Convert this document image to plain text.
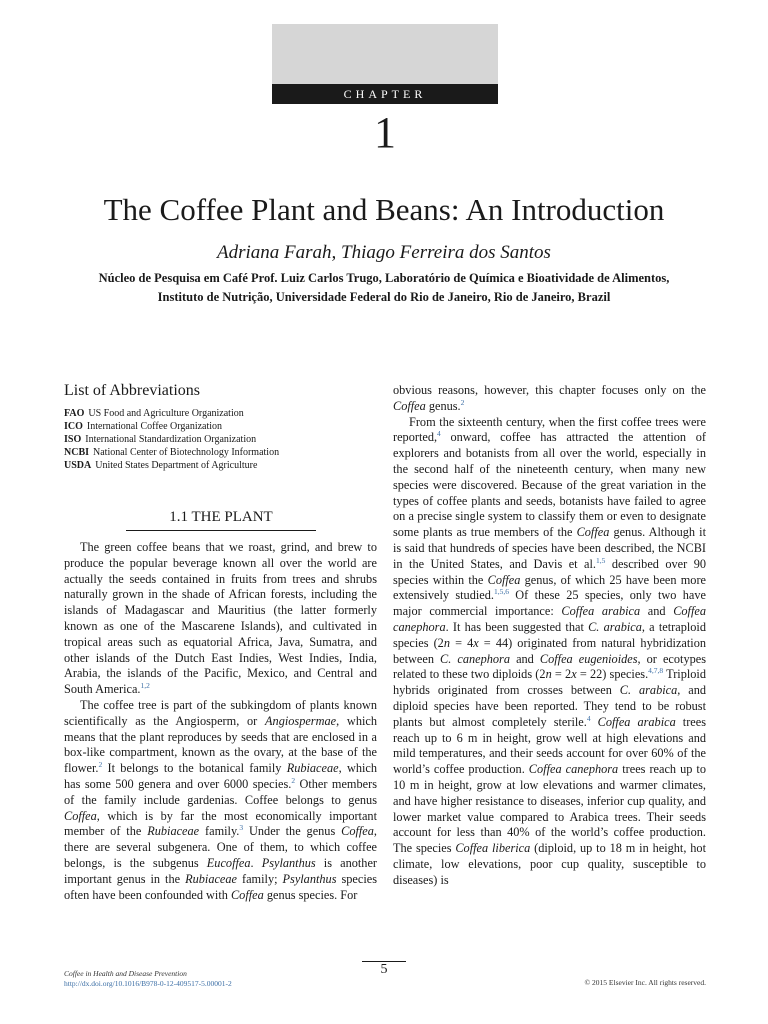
CHAPTER
1
The Coffee Plant and Beans: An Introduction
Adriana Farah, Thiago Ferreira dos Santos
Núcleo de Pesquisa em Café Prof. Luiz Carlos Trugo, Laboratório de Química e Bioatividade de Alimentos,
Instituto de Nutrição, Universidade Federal do Rio de Janeiro, Rio de Janeiro, Brazil
List of Abbreviations
FAO US Food and Agriculture Organization
ICO International Coffee Organization
ISO International Standardization Organization
NCBI National Center of Biotechnology Information
USDA United States Department of Agriculture
1.1 THE PLANT

The green coffee beans that we roast, grind, and brew to produce the popular beverage known all over the world are actually the seeds contained in fruits from trees and shrubs naturally grown in the shade of African forests, including the islands of Madagascar and Mauritius (the latter formerly known as one of the Mascarene Islands), and cultivated in tropical areas such as equatorial Africa, Java, Sumatra, and other islands of the Dutch East Indies, West Indies, India, Arabia, the islands of the Pacific, Mexico, and Central and South America.$^{1,2}$

The coffee tree is part of the subkingdom of plants known scientifically as the Angiosperm, or Angiospermae, which means that the plant reproduces by seeds that are enclosed in a box-like compartment, known as the ovary, at the base of the flower.$^2$ It belongs to the botanical family Rubiaceae, which has some 500 genera and over 6000 species.$^2$ Other members of the family include gardenias. Coffee belongs to genus Coffea, which is by far the most economically important member of the Rubiaceae family.$^3$ Under the genus Coffea, there are several subgenera. One of them, to which coffee belongs, is the subgenus Eucoffea. Psylanthus is another important genus in the Rubiaceae family; Psylanthus species often have been confounded with Coffea genus species. For

obvious reasons, however, this chapter focuses only on the Coffea genus.$^2$

From the sixteenth century, when the first coffee trees were reported,$^4$ onward, coffee has attracted the attention of explorers and botanists from all over the world, especially in the second half of the nineteenth century, when many new species were discovered. Because of the great variation in the types of coffee plants and seeds, botanists have failed to agree on a precise single system to classify them or even to designate some plants as true members of the Coffea genus. Although it is said that hundreds of species have been described, the NCBI in the United States, and Davis et al.$^{1,5}$ described over 90 species within the Coffea genus, of which 25 have been more extensively studied.$^{1,5,6}$ Of these 25 species, only two have major commercial importance: Coffea arabica and Coffea canephora. It has been suggested that C. arabica, a tetraploid species (2n = 4x = 44) originated from natural hybridization between C. canephora and Coffea eugenioides, or ecotypes related to these two diploids (2n = 2x = 22) species.$^{4,7,8}$ Triploid hybrids originated from crosses between C. arabica, and diploid species have been reported. They tend to be robust plants but almost completely sterile.$^4$ Coffea arabica trees reach up to 6 m in height, grow well at high elevations and mild temperatures, and their seeds account for over 60% of the world’s coffee production. Coffea canephora trees reach up to 10 m in height, grow at low elevations and warmer climates, and have higher resistance to diseases, inferior cup quality, and lower market value compared to Arabica trees. Their seeds account for less than 40% of the world’s coffee production. The species Coffea liberica (diploid, up to 18 m in height, hot climate, low elevations, poor cup quality, susceptible to diseases) is

5
Coffee in Health and Disease Prevention
http://dx.doi.org/10.1016/B978-0-12-409517-5.00001-2	© 2015 Elsevier Inc. All rights reserved.
